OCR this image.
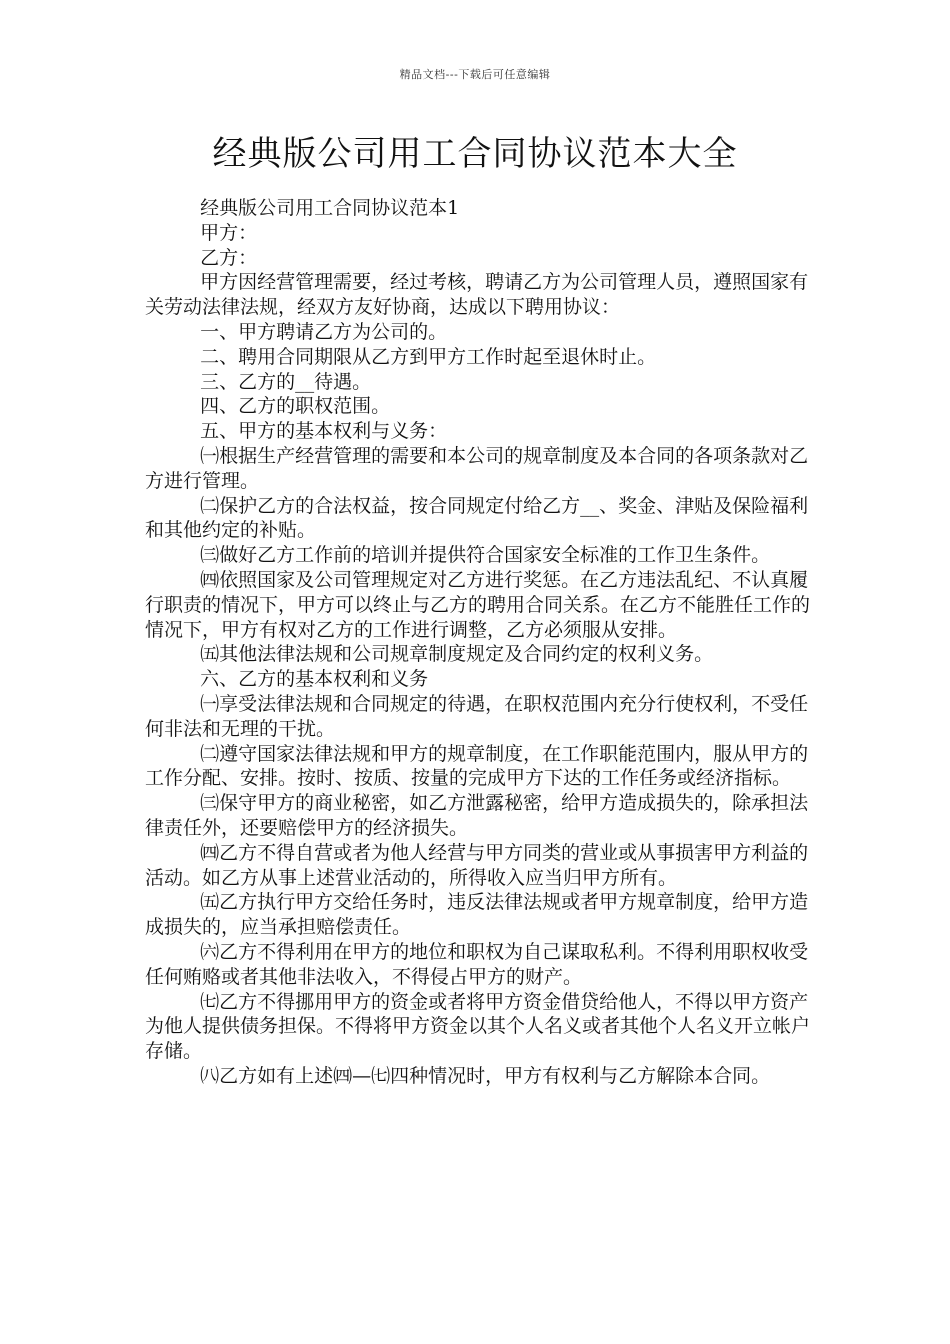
精品文档---下载后可任意编辑
经典版公司用工合同协议范本大全

经典版公司用工合同协议范本1

甲方：

乙方：

甲方因经营管理需要，经过考核，聘请乙方为公司管理人员，遵照国家有关劳动法律法规，经双方友好协商，达成以下聘用协议：

一、甲方聘请乙方为公司的。

二、聘用合同期限从乙方到甲方工作时起至退休时止。

三、乙方的__待遇。

四、乙方的职权范围。

五、甲方的基本权利与义务：

㈠根据生产经营管理的需要和本公司的规章制度及本合同的各项条款对乙方进行管理。

㈡保护乙方的合法权益，按合同规定付给乙方__、奖金、津贴及保险福利和其他约定的补贴。

㈢做好乙方工作前的培训并提供符合国家安全标准的工作卫生条件。

㈣依照国家及公司管理规定对乙方进行奖惩。在乙方违法乱纪、不认真履行职责的情况下，甲方可以终止与乙方的聘用合同关系。在乙方不能胜任工作的情况下，甲方有权对乙方的工作进行调整，乙方必须服从安排。

㈤其他法律法规和公司规章制度规定及合同约定的权利义务。

六、乙方的基本权利和义务

㈠享受法律法规和合同规定的待遇，在职权范围内充分行使权利，不受任何非法和无理的干扰。

㈡遵守国家法律法规和甲方的规章制度，在工作职能范围内，服从甲方的工作分配、安排。按时、按质、按量的完成甲方下达的工作任务或经济指标。

㈢保守甲方的商业秘密，如乙方泄露秘密，给甲方造成损失的，除承担法律责任外，还要赔偿甲方的经济损失。

㈣乙方不得自营或者为他人经营与甲方同类的营业或从事损害甲方利益的活动。如乙方从事上述营业活动的，所得收入应当归甲方所有。

㈤乙方执行甲方交给任务时，违反法律法规或者甲方规章制度，给甲方造成损失的，应当承担赔偿责任。

㈥乙方不得利用在甲方的地位和职权为自己谋取私利。不得利用职权收受任何贿赂或者其他非法收入，不得侵占甲方的财产。

㈦乙方不得挪用甲方的资金或者将甲方资金借贷给他人，不得以甲方资产为他人提供债务担保。不得将甲方资金以其个人名义或者其他个人名义开立帐户存储。

㈧乙方如有上述㈣—㈦四种情况时，甲方有权利与乙方解除本合同。
